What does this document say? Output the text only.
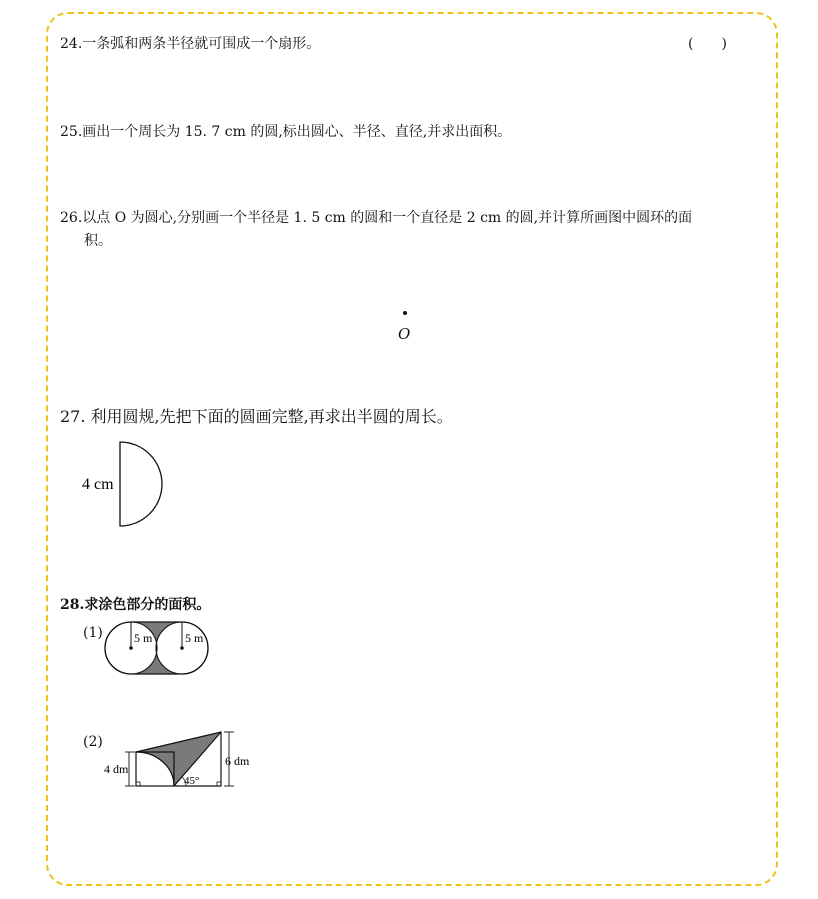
24.一条弧和两条半径就可围成一个扇形。	(　　)
25.画出一个周长为 15. 7 cm 的圆,标出圆心、半径、直径,并求出面积。
26.以点 O 为圆心,分别画一个半径是 1. 5 cm 的圆和一个直径是 2 cm 的圆,并计算所画图中圆环的面
积。
O
27. 利用圆规,先把下面的圆画完整,再求出半圆的周长。
4 cm
28.求涂色部分的面积。
(1)	5 m	5 m
(2)
4 dm
6 dm
45°
